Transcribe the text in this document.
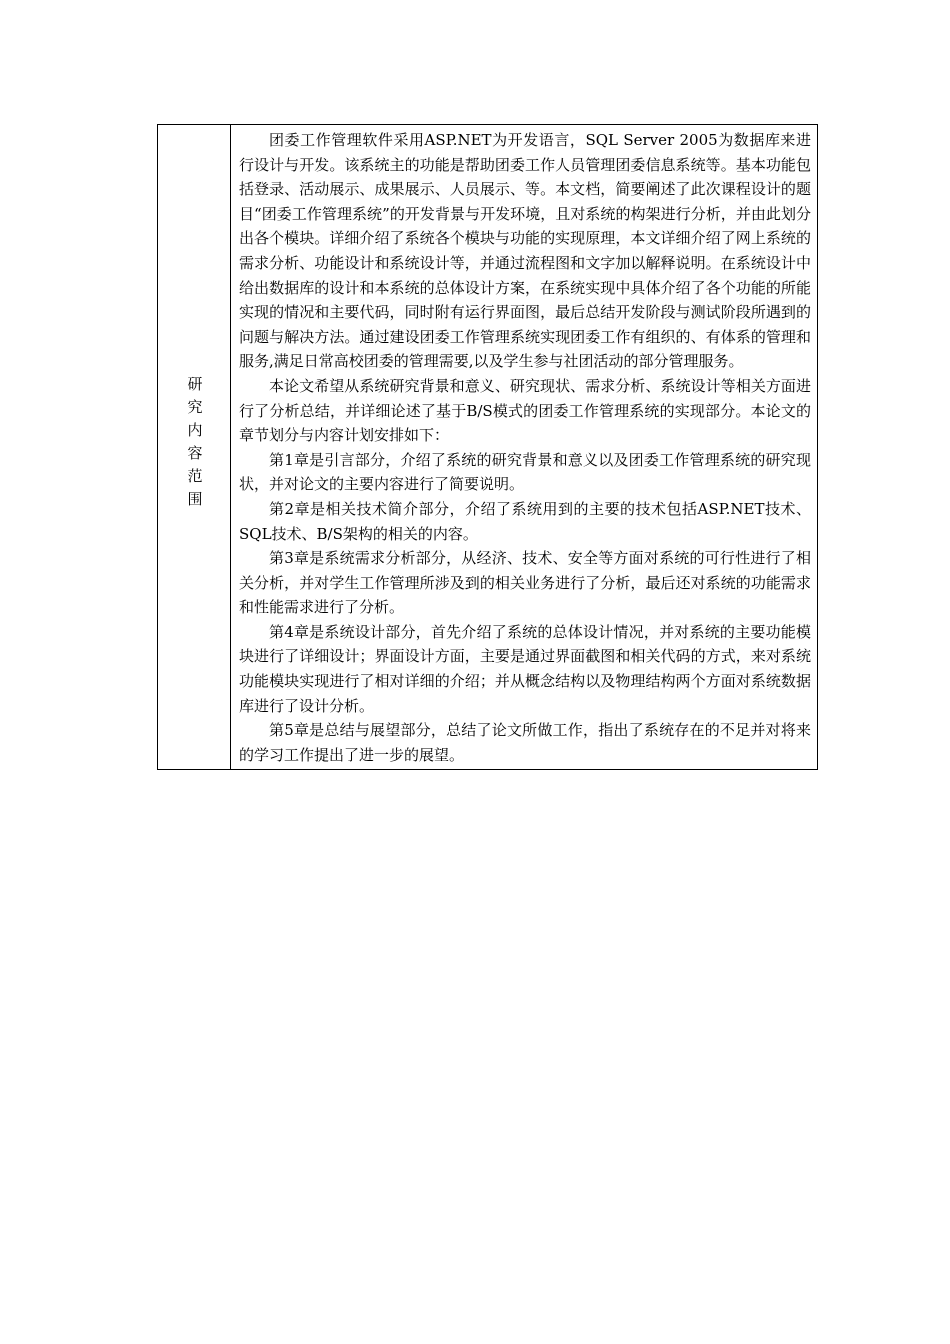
研究内容范围	

团委工作管理软件采用ASP.NET为开发语言，SQL Server 2005为数据库来进行设计与开发。该系统主的功能是帮助团委工作人员管理团委信息系统等。基本功能包括登录、活动展示、成果展示、人员展示、等。本文档，简要阐述了此次课程设计的题目“团委工作管理系统”的开发背景与开发环境，且对系统的构架进行分析，并由此划分出各个模块。详细介绍了系统各个模块与功能的实现原理，本文详细介绍了网上系统的需求分析、功能设计和系统设计等，并通过流程图和文字加以解释说明。在系统设计中给出数据库的设计和本系统的总体设计方案，在系统实现中具体介绍了各个功能的所能实现的情况和主要代码，同时附有运行界面图，最后总结开发阶段与测试阶段所遇到的问题与解决方法。通过建设团委工作管理系统实现团委工作有组织的、有体系的管理和服务,满足日常高校团委的管理需要,以及学生参与社团活动的部分管理服务。

本论文希望从系统研究背景和意义、研究现状、需求分析、系统设计等相关方面进行了分析总结，并详细论述了基于B/S模式的团委工作管理系统的实现部分。本论文的章节划分与内容计划安排如下：

第1章是引言部分，介绍了系统的研究背景和意义以及团委工作管理系统的研究现状，并对论文的主要内容进行了简要说明。

第2章是相关技术简介部分，介绍了系统用到的主要的技术包括ASP.NET技术、SQL技术、B/S架构的相关的内容。

第3章是系统需求分析部分，从经济、技术、安全等方面对系统的可行性进行了相关分析，并对学生工作管理所涉及到的相关业务进行了分析，最后还对系统的功能需求和性能需求进行了分析。

第4章是系统设计部分，首先介绍了系统的总体设计情况，并对系统的主要功能模块进行了详细设计；界面设计方面，主要是通过界面截图和相关代码的方式，来对系统功能模块实现进行了相对详细的介绍；并从概念结构以及物理结构两个方面对系统数据库进行了设计分析。

第5章是总结与展望部分，总结了论文所做工作，指出了系统存在的不足并对将来的学习工作提出了进一步的展望。
